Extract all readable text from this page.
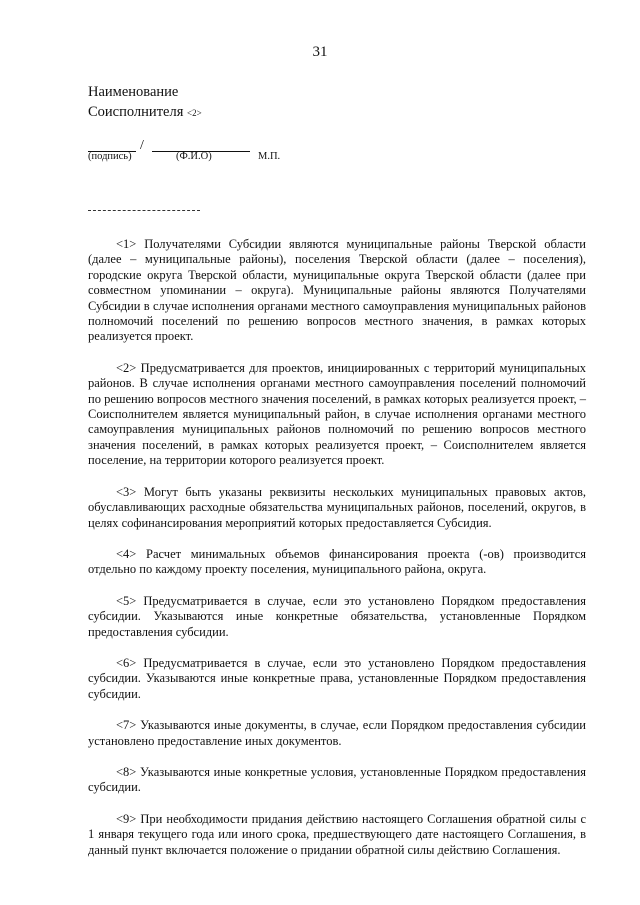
31
Наименование
Соисполнителя <2>
/
(подпись)	(Ф.И.О)	М.П.

<1> Получателями Субсидии являются муниципальные районы Тверской области (далее – муниципальные районы), поселения Тверской области (далее – поселения), городские округа Тверской области, муниципальные округа Тверской области (далее при совместном упоминании – округа). Муниципальные районы являются Получателями Субсидии в случае исполнения органами местного самоуправления муниципальных районов полномочий поселений по решению вопросов местного значения, в рамках которых реализуется проект.

<2> Предусматривается для проектов, инициированных с территорий муниципальных районов. В случае исполнения органами местного самоуправления поселений полномочий по решению вопросов местного значения поселений, в рамках которых реализуется проект, – Соисполнителем является муниципальный район, в случае исполнения органами местного самоуправления муниципальных районов полномочий по решению вопросов местного значения поселений, в рамках которых реализуется проект, – Соисполнителем является поселение, на территории которого реализуется проект.

<3> Могут быть указаны реквизиты нескольких муниципальных правовых актов, обуславливающих расходные обязательства муниципальных районов, поселений, округов, в целях софинансирования мероприятий которых предоставляется Субсидия.

<4> Расчет минимальных объемов финансирования проекта (-ов) производится отдельно по каждому проекту поселения, муниципального района, округа.

<5> Предусматривается в случае, если это установлено Порядком предоставления субсидии. Указываются иные конкретные обязательства, установленные Порядком предоставления субсидии.

<6> Предусматривается в случае, если это установлено Порядком предоставления субсидии. Указываются иные конкретные права, установленные Порядком предоставления субсидии.

<7> Указываются иные документы, в случае, если Порядком предоставления субсидии установлено предоставление иных документов.

<8> Указываются иные конкретные условия, установленные Порядком предоставления субсидии.

<9> При необходимости придания действию настоящего Соглашения обратной силы с 1 января текущего года или иного срока, предшествующего дате настоящего Соглашения, в данный пункт включается положение о придании обратной силы действию Соглашения.
